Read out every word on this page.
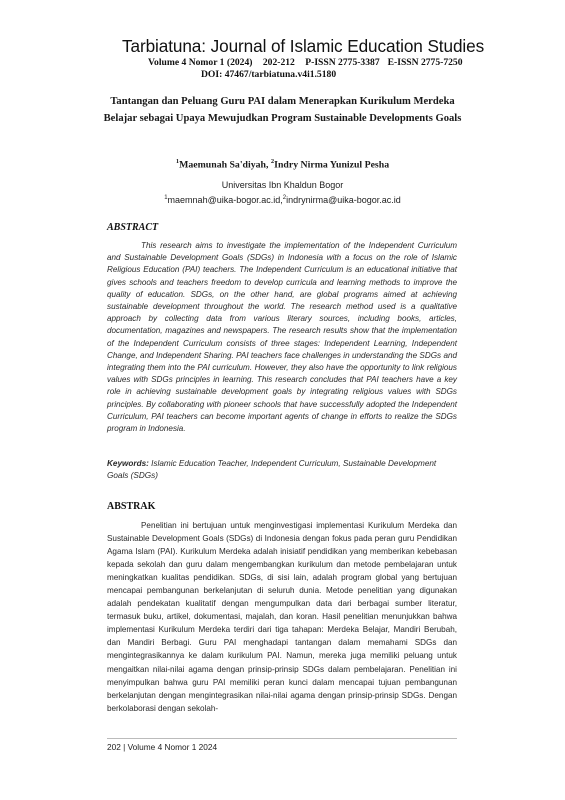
Tarbiatuna: Journal of Islamic Education Studies

Volume 4 Nomor 1 (2024) 202-212 P-ISSN 2775-3387 E-ISSN 2775-7250

DOI: 47467/tarbiatuna.v4i1.5180

Tantangan dan Peluang Guru PAI dalam Menerapkan Kurikulum Merdeka Belajar sebagai Upaya Mewujudkan Program Sustainable Developments Goals
$^1$Maemunah Sa'diyah, $^2$Indry Nirma Yunizul Pesha
Universitas Ibn Khaldun Bogor
$^1$maemnah@uika-bogor.ac.id,$^2$indrynirma@uika-bogor.ac.id
ABSTRACT

This research aims to investigate the implementation of the Independent Curriculum and Sustainable Development Goals (SDGs) in Indonesia with a focus on the role of Islamic Religious Education (PAI) teachers. The Independent Curriculum is an educational initiative that gives schools and teachers freedom to develop curricula and learning methods to improve the quality of education. SDGs, on the other hand, are global programs aimed at achieving sustainable development throughout the world. The research method used is a qualitative approach by collecting data from various literary sources, including books, articles, documentation, magazines and newspapers. The research results show that the implementation of the Independent Curriculum consists of three stages: Independent Learning, Independent Change, and Independent Sharing. PAI teachers face challenges in understanding the SDGs and integrating them into the PAI curriculum. However, they also have the opportunity to link religious values with SDGs principles in learning. This research concludes that PAI teachers have a key role in achieving sustainable development goals by integrating religious values with SDGs principles. By collaborating with pioneer schools that have successfully adopted the Independent Curriculum, PAI teachers can become important agents of change in efforts to realize the SDGs program in Indonesia.

Keywords: Islamic Education Teacher, Independent Curriculum, Sustainable Development Goals (SDGs)

ABSTRAK

Penelitian ini bertujuan untuk menginvestigasi implementasi Kurikulum Merdeka dan Sustainable Development Goals (SDGs) di Indonesia dengan fokus pada peran guru Pendidikan Agama Islam (PAI). Kurikulum Merdeka adalah inisiatif pendidikan yang memberikan kebebasan kepada sekolah dan guru dalam mengembangkan kurikulum dan metode pembelajaran untuk meningkatkan kualitas pendidikan. SDGs, di sisi lain, adalah program global yang bertujuan mencapai pembangunan berkelanjutan di seluruh dunia. Metode penelitian yang digunakan adalah pendekatan kualitatif dengan mengumpulkan data dari berbagai sumber literatur, termasuk buku, artikel, dokumentasi, majalah, dan koran. Hasil penelitian menunjukkan bahwa implementasi Kurikulum Merdeka terdiri dari tiga tahapan: Merdeka Belajar, Mandiri Berubah, dan Mandiri Berbagi. Guru PAI menghadapi tantangan dalam memahami SDGs dan mengintegrasikannya ke dalam kurikulum PAI. Namun, mereka juga memiliki peluang untuk mengaitkan nilai-nilai agama dengan prinsip-prinsip SDGs dalam pembelajaran. Penelitian ini menyimpulkan bahwa guru PAI memiliki peran kunci dalam mencapai tujuan pembangunan berkelanjutan dengan mengintegrasikan nilai-nilai agama dengan prinsip-prinsip SDGs. Dengan berkolaborasi dengan sekolah-

202 | Volume 4 Nomor 1 2024
